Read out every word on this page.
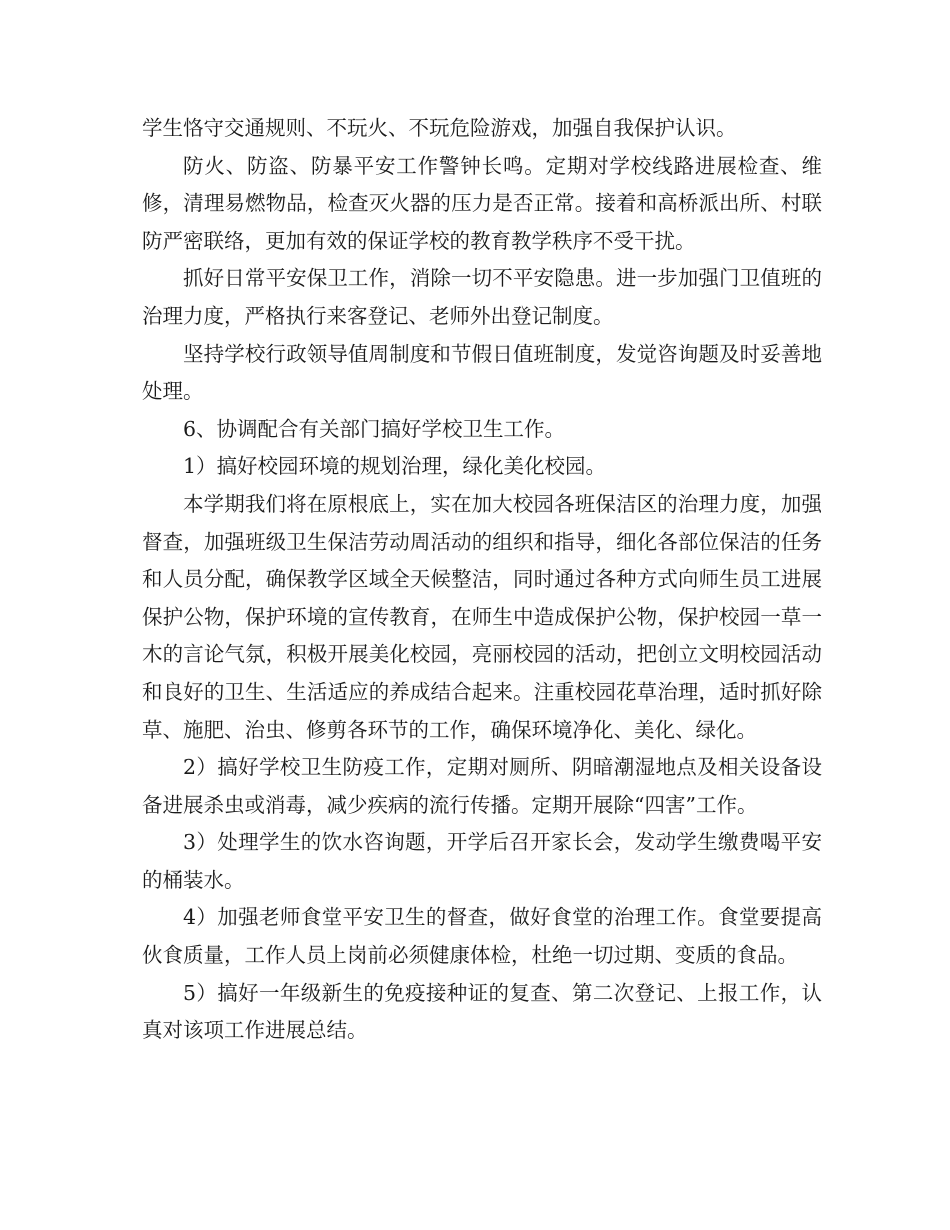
学生恪守交通规则、不玩火、不玩危险游戏，加强自我保护认识。

防火、防盗、防暴平安工作警钟长鸣。定期对学校线路进展检查、维修，清理易燃物品，检查灭火器的压力是否正常。接着和高桥派出所、村联防严密联络，更加有效的保证学校的教育教学秩序不受干扰。

抓好日常平安保卫工作，消除一切不平安隐患。进一步加强门卫值班的治理力度，严格执行来客登记、老师外出登记制度。

坚持学校行政领导值周制度和节假日值班制度，发觉咨询题及时妥善地处理。

6、协调配合有关部门搞好学校卫生工作。

1）搞好校园环境的规划治理，绿化美化校园。

本学期我们将在原根底上，实在加大校园各班保洁区的治理力度，加强督查，加强班级卫生保洁劳动周活动的组织和指导，细化各部位保洁的任务和人员分配，确保教学区域全天候整洁，同时通过各种方式向师生员工进展保护公物，保护环境的宣传教育，在师生中造成保护公物，保护校园一草一木的言论气氛，积极开展美化校园，亮丽校园的活动，把创立文明校园活动和良好的卫生、生活适应的养成结合起来。注重校园花草治理，适时抓好除草、施肥、治虫、修剪各环节的工作，确保环境净化、美化、绿化。

2）搞好学校卫生防疫工作，定期对厕所、阴暗潮湿地点及相关设备设备进展杀虫或消毒，减少疾病的流行传播。定期开展除“四害”工作。

3）处理学生的饮水咨询题，开学后召开家长会，发动学生缴费喝平安的桶装水。

4）加强老师食堂平安卫生的督查，做好食堂的治理工作。食堂要提高伙食质量，工作人员上岗前必须健康体检，杜绝一切过期、变质的食品。

5）搞好一年级新生的免疫接种证的复查、第二次登记、上报工作，认真对该项工作进展总结。
